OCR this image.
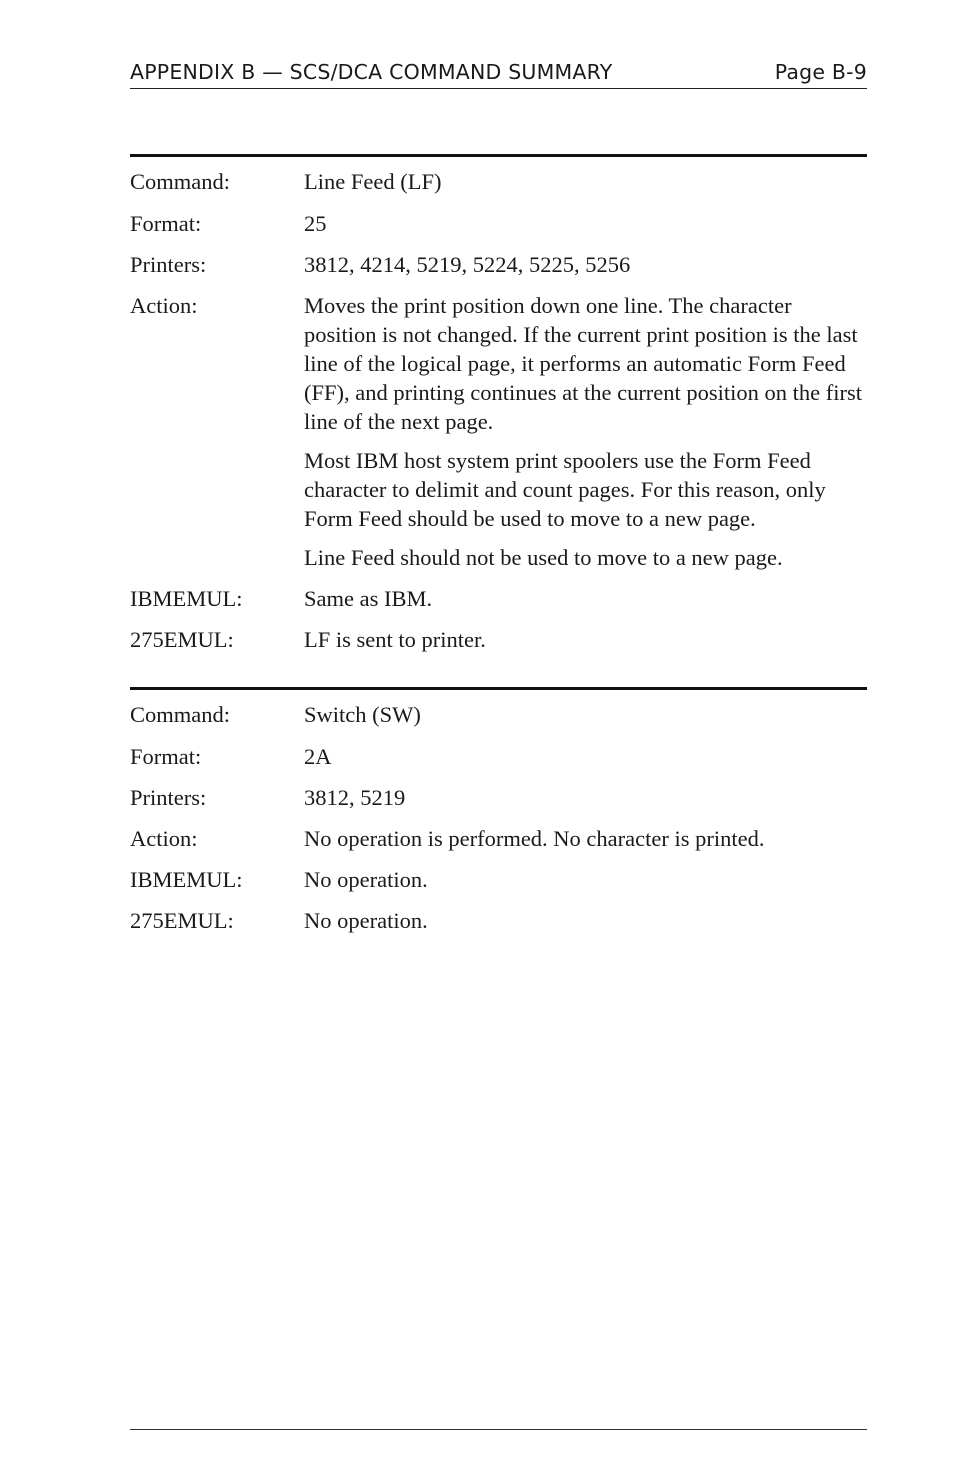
APPENDIX B — SCS/DCA COMMAND SUMMARY	Page B-9
Command:	Line Feed (LF)
Format:	25
Printers:	3812, 4214, 5219, 5224, 5225, 5256
Action:	Moves the print position down one line. The character position is not changed. If the current print position is the last line of the logical page, it performs an automatic Form Feed (FF), and printing continues at the current position on the first line of the next page.

Most IBM host system print spoolers use the Form Feed character to delimit and count pages. For this reason, only Form Feed should be used to move to a new page.

Line Feed should not be used to move to a new page.

IBMEMUL:	Same as IBM.
275EMUL:	LF is sent to printer.
Command:	Switch (SW)
Format:	2A
Printers:	3812, 5219
Action:	No operation is performed. No character is printed.
IBMEMUL:	No operation.
275EMUL:	No operation.
